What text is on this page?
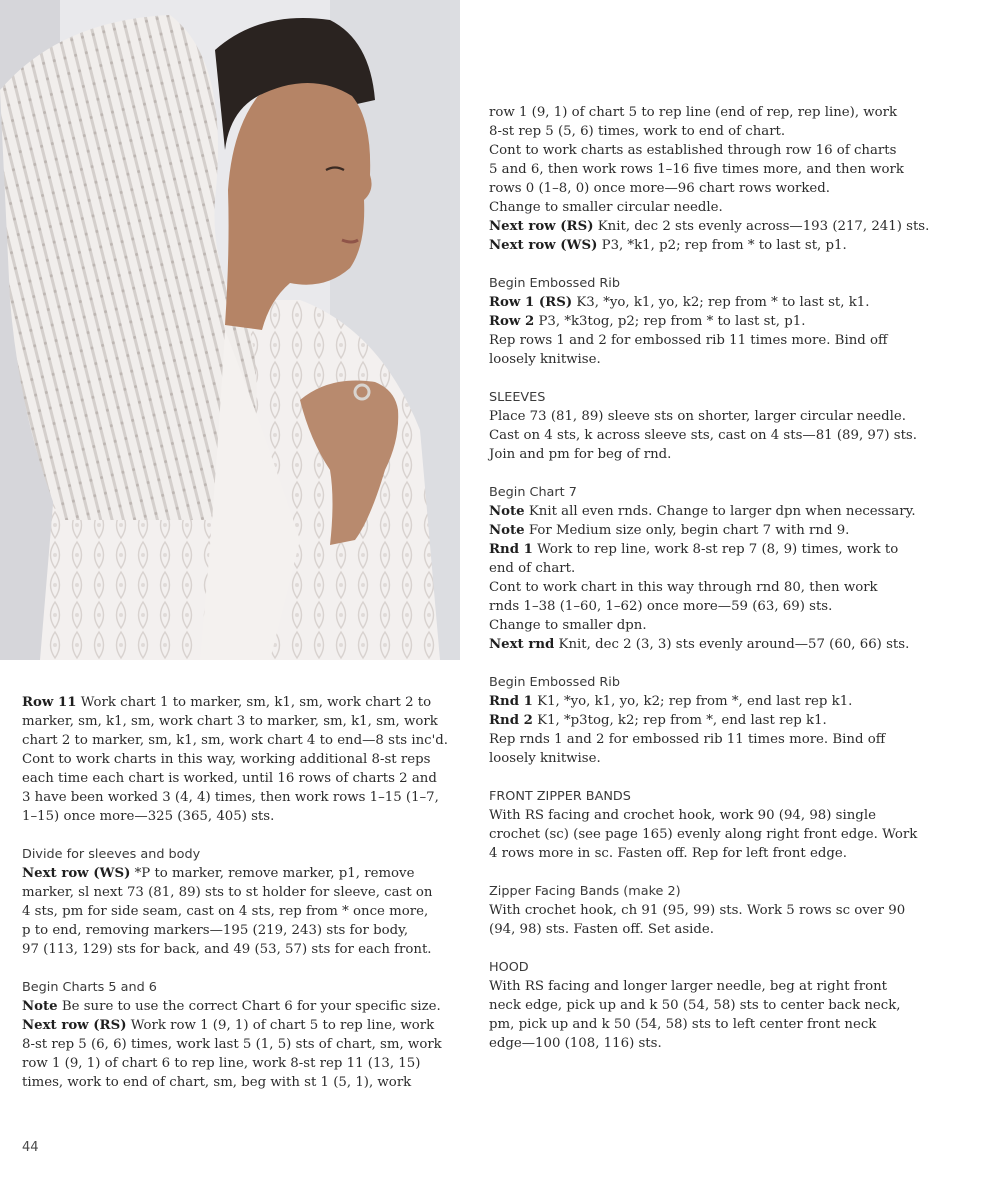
Row 11 Work chart 1 to marker, sm, k1, sm, work chart 2 to

marker, sm, k1, sm, work chart 3 to marker, sm, k1, sm, work

chart 2 to marker, sm, k1, sm, work chart 4 to end—8 sts inc'd.

Cont to work charts in this way, working additional 8-st reps

each time each chart is worked, until 16 rows of charts 2 and

3 have been worked 3 (4, 4) times, then work rows 1–15 (1–7,

1–15) once more—325 (365, 405) sts.

Divide for sleeves and body

Next row (WS) *P to marker, remove marker, p1, remove

marker, sl next 73 (81, 89) sts to st holder for sleeve, cast on

4 sts, pm for side seam, cast on 4 sts, rep from * once more,

p to end, removing markers—195 (219, 243) sts for body,

97 (113, 129) sts for back, and 49 (53, 57) sts for each front.

Begin Charts 5 and 6

Note Be sure to use the correct Chart 6 for your specific size.

Next row (RS) Work row 1 (9, 1) of chart 5 to rep line, work

8-st rep 5 (6, 6) times, work last 5 (1, 5) sts of chart, sm, work

row 1 (9, 1) of chart 6 to rep line, work 8-st rep 11 (13, 15)

times, work to end of chart, sm, beg with st 1 (5, 1), work

row 1 (9, 1) of chart 5 to rep line (end of rep, rep line), work

8-st rep 5 (5, 6) times, work to end of chart.

Cont to work charts as established through row 16 of charts

5 and 6, then work rows 1–16 five times more, and then work

rows 0 (1–8, 0) once more—96 chart rows worked.

Change to smaller circular needle.

Next row (RS) Knit, dec 2 sts evenly across—193 (217, 241) sts.

Next row (WS) P3, *k1, p2; rep from * to last st, p1.

Begin Embossed Rib

Row 1 (RS) K3, *yo, k1, yo, k2; rep from * to last st, k1.

Row 2 P3, *k3tog, p2; rep from * to last st, p1.

Rep rows 1 and 2 for embossed rib 11 times more. Bind off

loosely knitwise.

SLEEVES

Place 73 (81, 89) sleeve sts on shorter, larger circular needle.

Cast on 4 sts, k across sleeve sts, cast on 4 sts—81 (89, 97) sts.

Join and pm for beg of rnd.

Begin Chart 7

Note Knit all even rnds. Change to larger dpn when necessary.

Note For Medium size only, begin chart 7 with rnd 9.

Rnd 1 Work to rep line, work 8-st rep 7 (8, 9) times, work to

end of chart.

Cont to work chart in this way through rnd 80, then work

rnds 1–38 (1–60, 1–62) once more—59 (63, 69) sts.

Change to smaller dpn.

Next rnd Knit, dec 2 (3, 3) sts evenly around—57 (60, 66) sts.

Begin Embossed Rib

Rnd 1 K1, *yo, k1, yo, k2; rep from *, end last rep k1.

Rnd 2 K1, *p3tog, k2; rep from *, end last rep k1.

Rep rnds 1 and 2 for embossed rib 11 times more. Bind off

loosely knitwise.

FRONT ZIPPER BANDS

With RS facing and crochet hook, work 90 (94, 98) single

crochet (sc) (see page 165) evenly along right front edge. Work

4 rows more in sc. Fasten off. Rep for left front edge.

Zipper Facing Bands (make 2)

With crochet hook, ch 91 (95, 99) sts. Work 5 rows sc over 90

(94, 98) sts. Fasten off. Set aside.

HOOD

With RS facing and longer larger needle, beg at right front

neck edge, pick up and k 50 (54, 58) sts to center back neck,

pm, pick up and k 50 (54, 58) sts to left center front neck

edge—100 (108, 116) sts.

44
